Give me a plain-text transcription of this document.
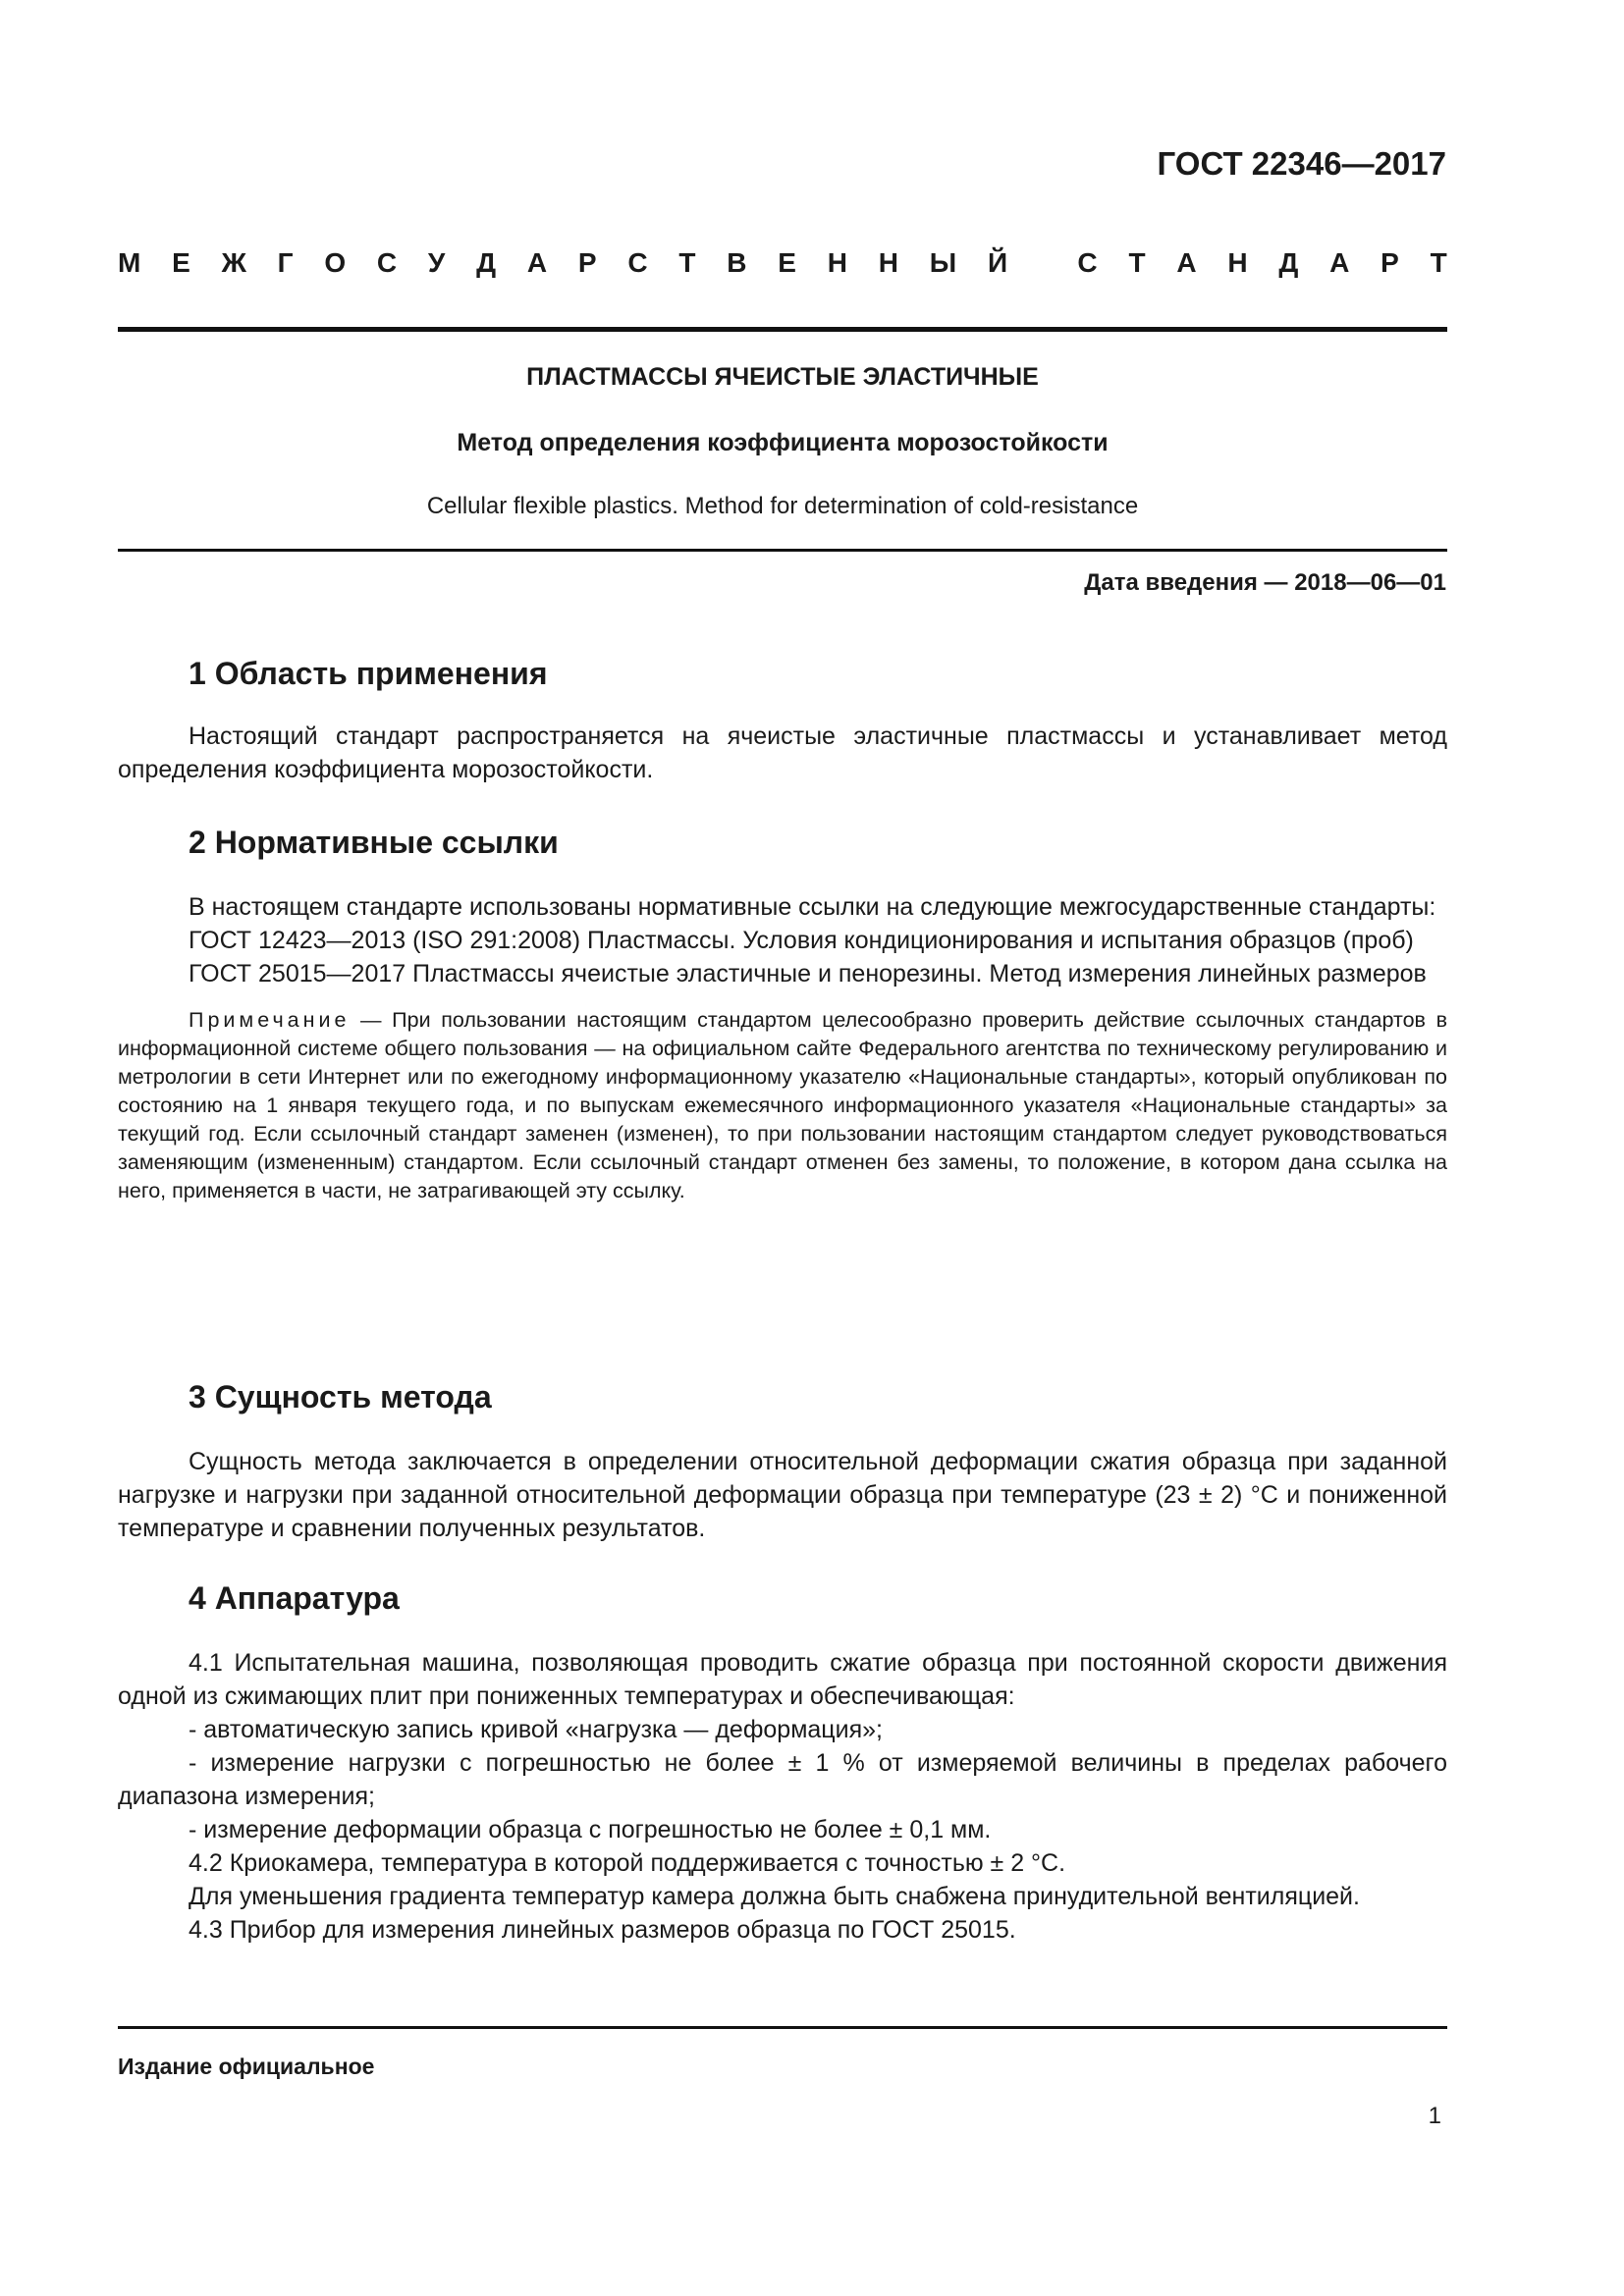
ГОСТ 22346—2017
М Е Ж Г О С У Д А Р С Т В Е Н Н Ы Й
	С Т А Н Д А Р Т
ПЛАСТМАССЫ ЯЧЕИСТЫЕ ЭЛАСТИЧНЫЕ
Метод определения коэффициента морозостойкости
Cellular flexible plastics. Method for determination of cold-resistance
Дата введения — 2018—06—01
1 Область применения

Настоящий стандарт распространяется на ячеистые эластичные пластмассы и устанавливает метод определения коэффициента морозостойкости.

2 Нормативные ссылки

В настоящем стандарте использованы нормативные ссылки на следующие межгосударственные стандарты:

ГОСТ 12423—2013 (ISO 291:2008) Пластмассы. Условия кондиционирования и испытания образцов (проб)

ГОСТ 25015—2017 Пластмассы ячеистые эластичные и пенорезины. Метод измерения линейных размеров

Примечание — При пользовании настоящим стандартом целесообразно проверить действие ссылочных стандартов в информационной системе общего пользования — на официальном сайте Федерального агентства по техническому регулированию и метрологии в сети Интернет или по ежегодному информационному указателю «Национальные стандарты», который опубликован по состоянию на 1 января текущего года, и по выпускам ежемесячного информационного указателя «Национальные стандарты» за текущий год. Если ссылочный стандарт заменен (изменен), то при пользовании настоящим стандартом следует руководствоваться заменяющим (измененным) стандартом. Если ссылочный стандарт отменен без замены, то положение, в котором дана ссылка на него, применяется в части, не затрагивающей эту ссылку.

3 Сущность метода

Сущность метода заключается в определении относительной деформации сжатия образца при заданной нагрузке и нагрузки при заданной относительной деформации образца при температуре (23 ± 2) °С и пониженной температуре и сравнении полученных результатов.

4 Аппаратура

4.1 Испытательная машина, позволяющая проводить сжатие образца при постоянной скорости движения одной из сжимающих плит при пониженных температурах и обеспечивающая:

- автоматическую запись кривой «нагрузка — деформация»;

- измерение нагрузки с погрешностью не более ± 1 % от измеряемой величины в пределах рабочего диапазона измерения;

- измерение деформации образца с погрешностью не более ± 0,1 мм.

4.2 Криокамера, температура в которой поддерживается с точностью ± 2 °С.

Для уменьшения градиента температур камера должна быть снабжена принудительной вентиляцией.

4.3 Прибор для измерения линейных размеров образца по ГОСТ 25015.

Издание официальное
1
